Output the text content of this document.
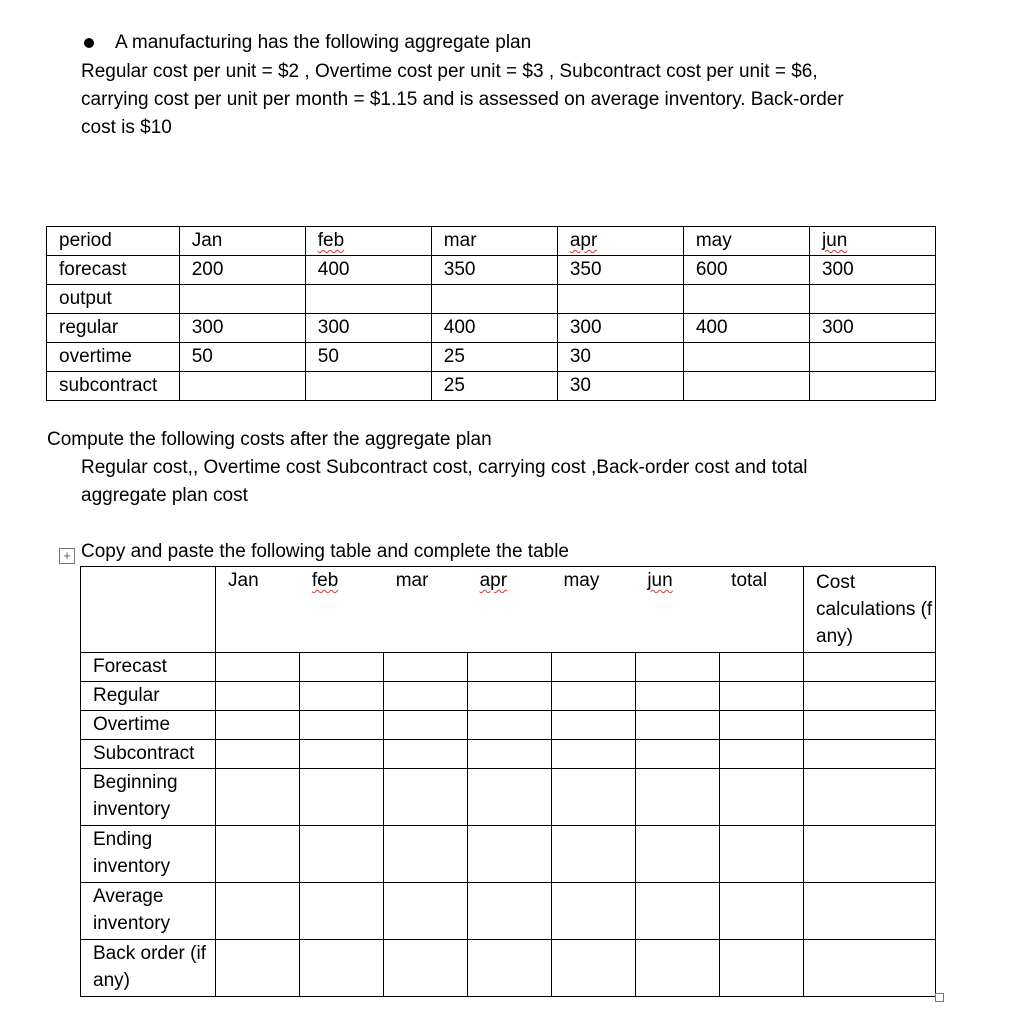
A manufacturing has the following aggregate plan
Regular cost per unit = $2 , Overtime cost per unit = $3 , Subcontract cost per unit = $6,
carrying cost per unit per month = $1.15 and is assessed on average inventory. Back-order
cost is $10
period	Jan	feb	mar	apr	may	jun
forecast	200	400	350	350	600	300
output						
regular	300	300	400	300	400	300
overtime	50	50	25	30		
subcontract			25	30		
Compute the following costs after the aggregate plan
Regular cost,, Overtime cost Subcontract cost, carrying cost ,Back-order cost and total
aggregate plan cost
+ Copy and paste the following table and complete the table
	Jan	feb	mar	apr	may	jun	total	Cost calculations (f any)
Forecast								
Regular								
Overtime								
Subcontract								
Beginning inventory								
Ending inventory								
Average inventory								
Back order (if any)								
